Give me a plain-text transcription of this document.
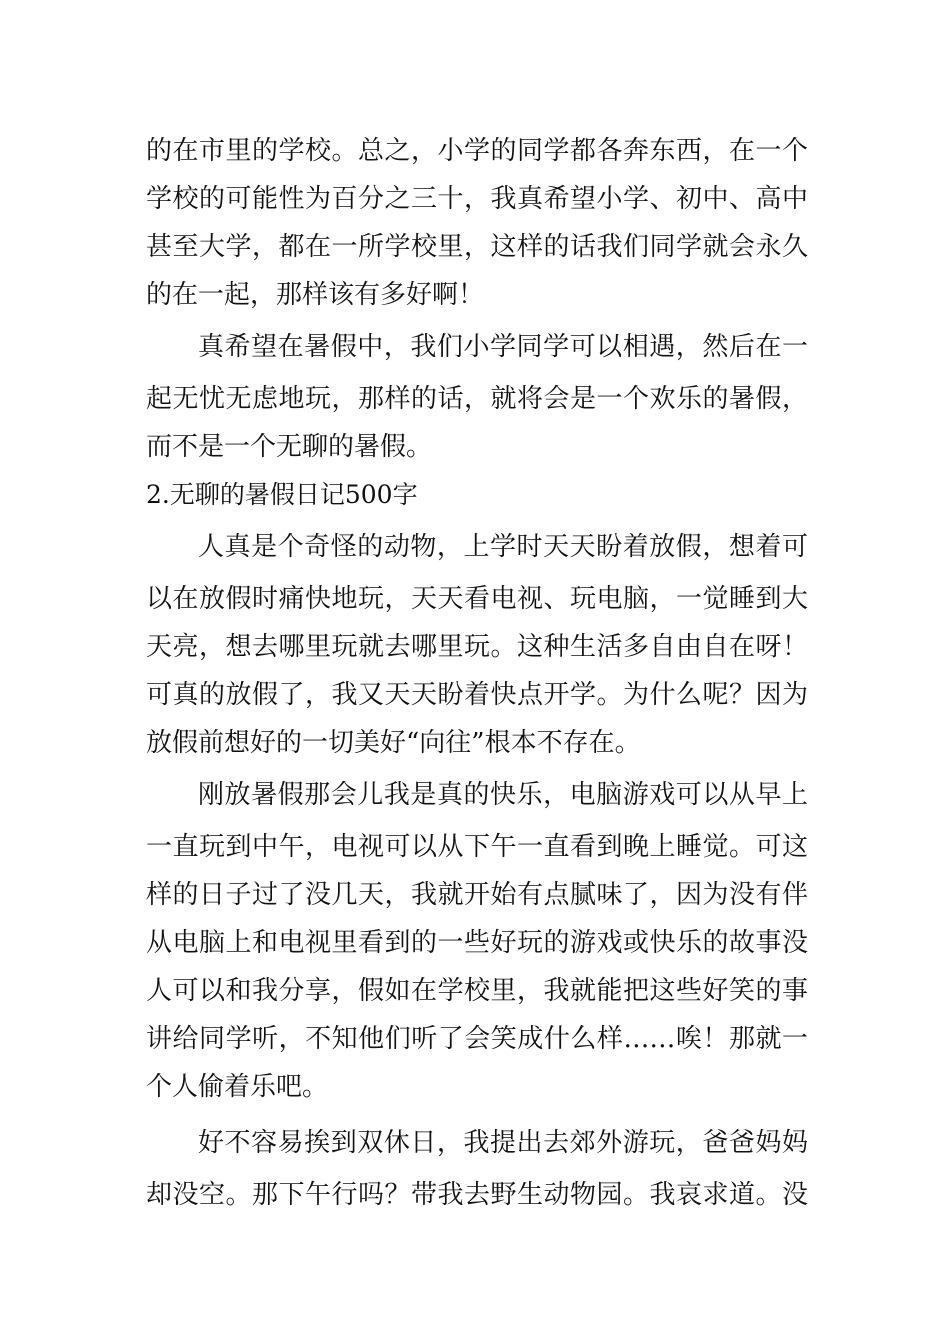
的在市里的学校。总之，小学的同学都各奔东西，在一个
学校的可能性为百分之三十，我真希望小学、初中、高中
甚至大学，都在一所学校里，这样的话我们同学就会永久
的在一起，那样该有多好啊！
真希望在暑假中，我们小学同学可以相遇，然后在一
起无忧无虑地玩，那样的话，就将会是一个欢乐的暑假，
而不是一个无聊的暑假。
2.无聊的暑假日记500字
人真是个奇怪的动物，上学时天天盼着放假，想着可
以在放假时痛快地玩，天天看电视、玩电脑，一觉睡到大
天亮，想去哪里玩就去哪里玩。这种生活多自由自在呀！
可真的放假了，我又天天盼着快点开学。为什么呢？因为
放假前想好的一切美好“向往”根本不存在。
刚放暑假那会儿我是真的快乐，电脑游戏可以从早上
一直玩到中午，电视可以从下午一直看到晚上睡觉。可这
样的日子过了没几天，我就开始有点腻味了，因为没有伴
从电脑上和电视里看到的一些好玩的游戏或快乐的故事没
人可以和我分享，假如在学校里，我就能把这些好笑的事
讲给同学听，不知他们听了会笑成什么样……唉！那就一
个人偷着乐吧。
好不容易挨到双休日，我提出去郊外游玩，爸爸妈妈
却没空。那下午行吗？带我去野生动物园。我哀求道。没
